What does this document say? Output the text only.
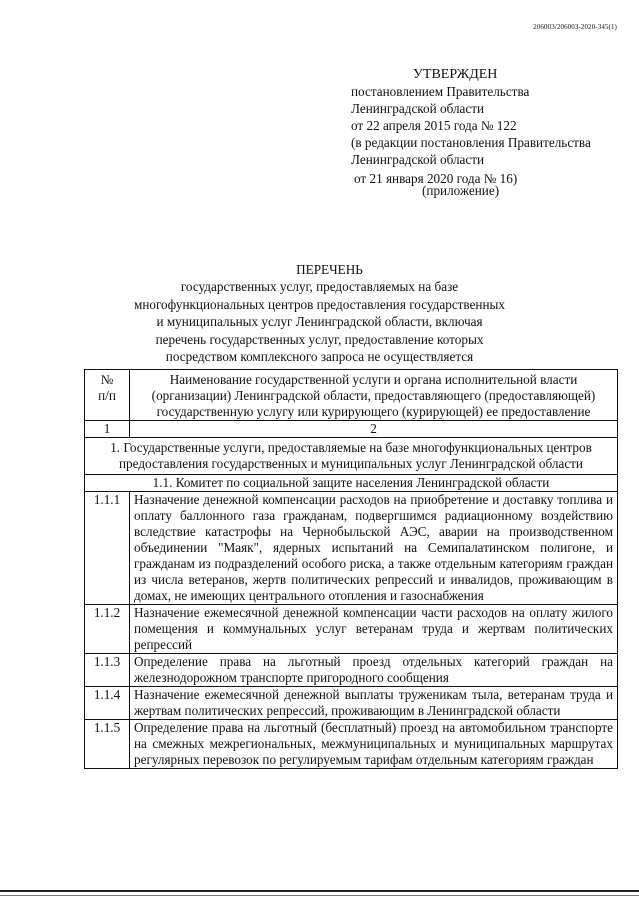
206003/206003-2020-345(1)
УТВЕРЖДЕН
постановлением Правительства
Ленинградской области
от 22 апреля 2015 года № 122
(в редакции постановления Правительства
Ленинградской области
от 21 января 2020 года № 16)
(приложение)
ПЕРЕЧЕНЬ
государственных услуг, предоставляемых на базе
многофункциональных центров предоставления государственных
и муниципальных услуг Ленинградской области, включая
перечень государственных услуг, предоставление которых
посредством комплексного запроса не осуществляется
№
п/п	Наименование государственной услуги и органа исполнительной власти (организации) Ленинградской области, предоставляющего (предоставляющей) государственную услугу или курирующего (курирующей) ее предоставление
1	2
1. Государственные услуги, предоставляемые на базе многофункциональных центров предоставления государственных и муниципальных услуг Ленинградской области	
1.1. Комитет по социальной защите населения Ленинградской области	
1.1.1	Назначение денежной компенсации расходов на приобретение и доставку топлива и оплату баллонного газа гражданам, подвергшимся радиационному воздействию вследствие катастрофы на Чернобыльской АЭС, аварии на производственном объединении "Маяк", ядерных испытаний на Семипалатинском полигоне, и гражданам из подразделений особого риска, а также отдельным категориям граждан из числа ветеранов, жертв политических репрессий и инвалидов, проживающим в домах, не имеющих центрального отопления и газоснабжения
1.1.2	Назначение ежемесячной денежной компенсации части расходов на оплату жилого помещения и коммунальных услуг ветеранам труда и жертвам политических репрессий
1.1.3	Определение права на льготный проезд отдельных категорий граждан на железнодорожном транспорте пригородного сообщения
1.1.4	Назначение ежемесячной денежной выплаты труженикам тыла, ветеранам труда и жертвам политических репрессий, проживающим в Ленинградской области
1.1.5	Определение права на льготный (бесплатный) проезд на автомобильном транспорте на смежных межрегиональных, межмуниципальных и муниципальных маршрутах регулярных перевозок по регулируемым тарифам отдельным категориям граждан
